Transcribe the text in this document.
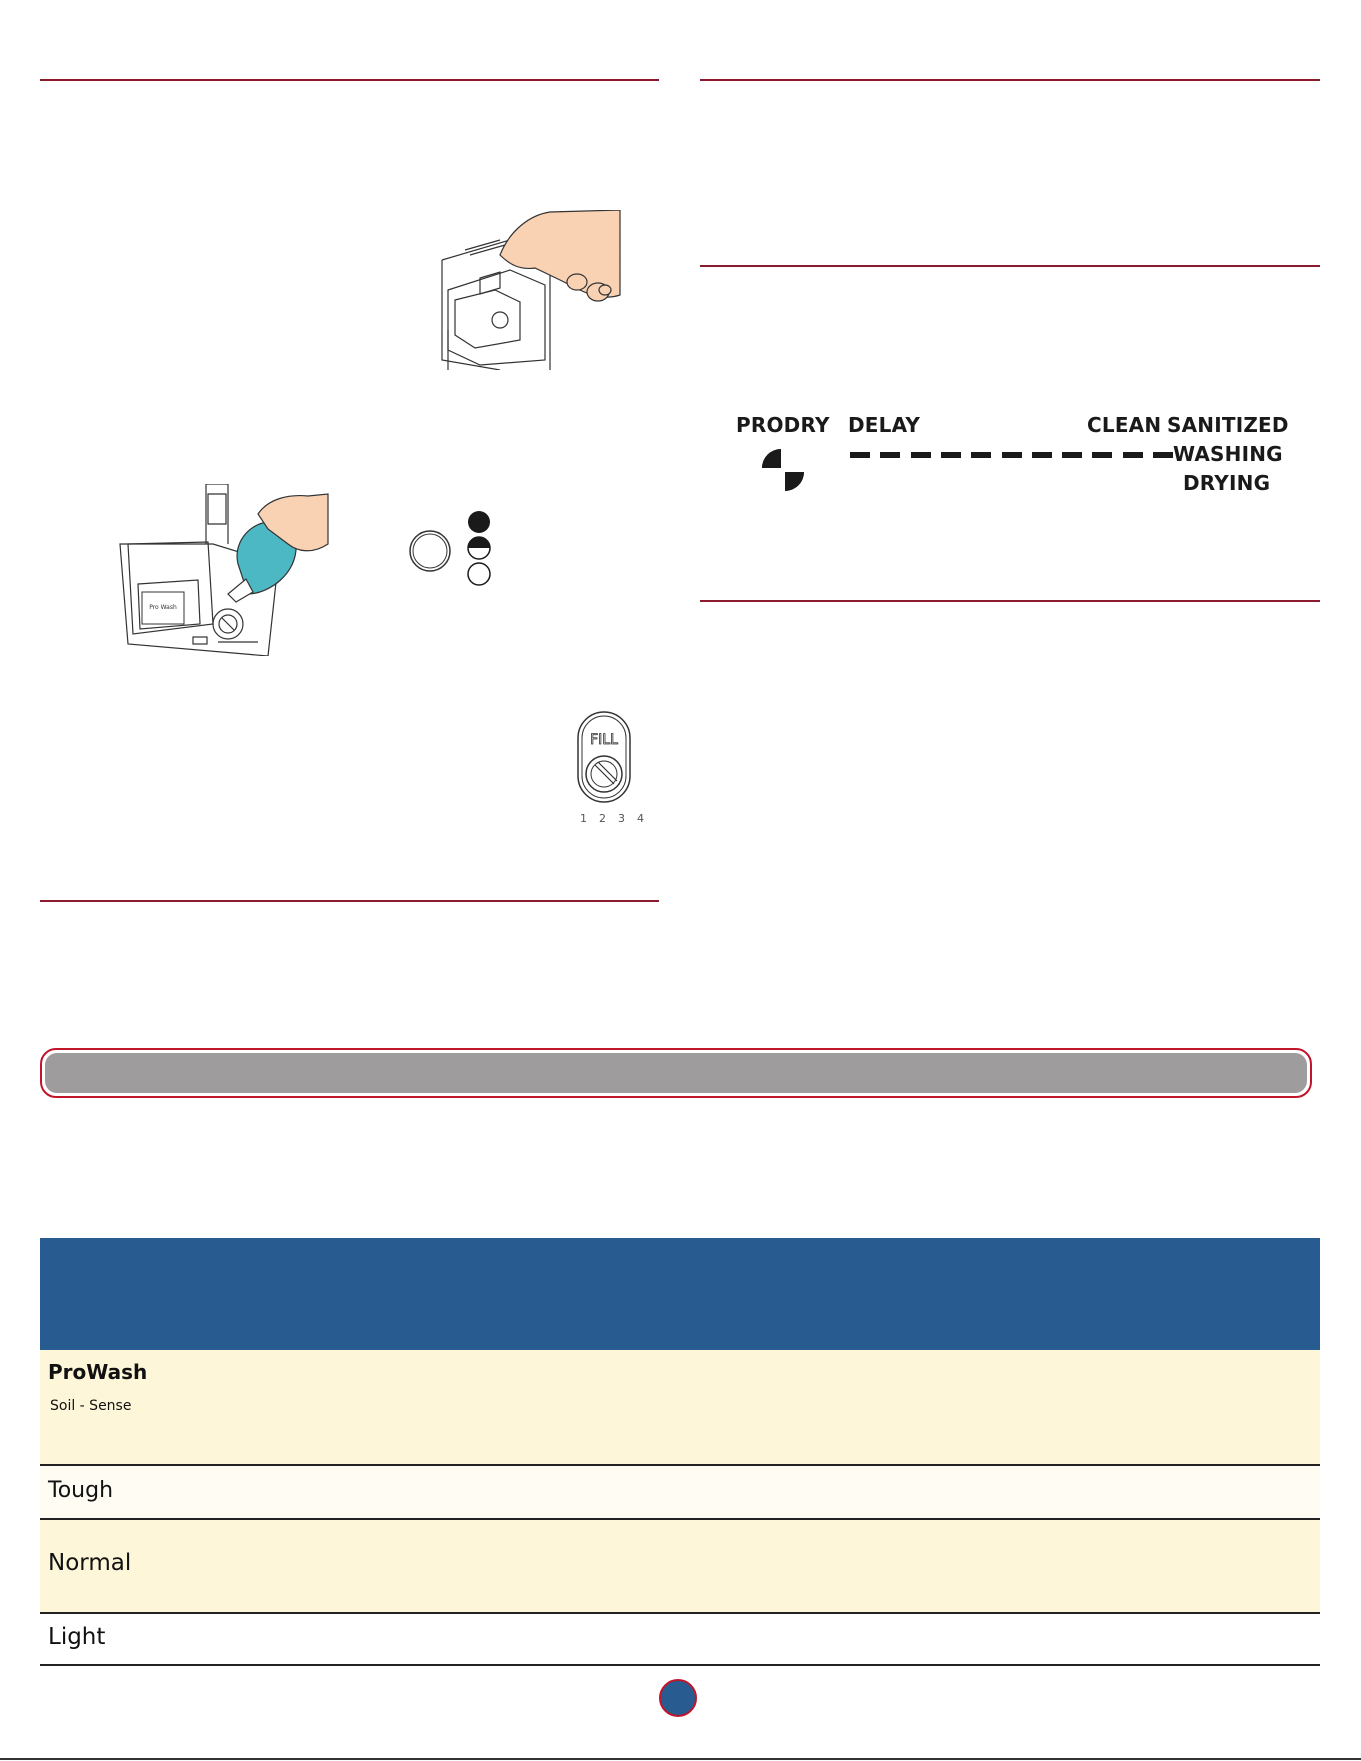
Pro Wash
FILL
1 2 3 4
PRODRY DELAY	CLEAN SANITIZED
WASHING
DRYING
ProWash
Soil - Sense
Tough
Normal
Light
